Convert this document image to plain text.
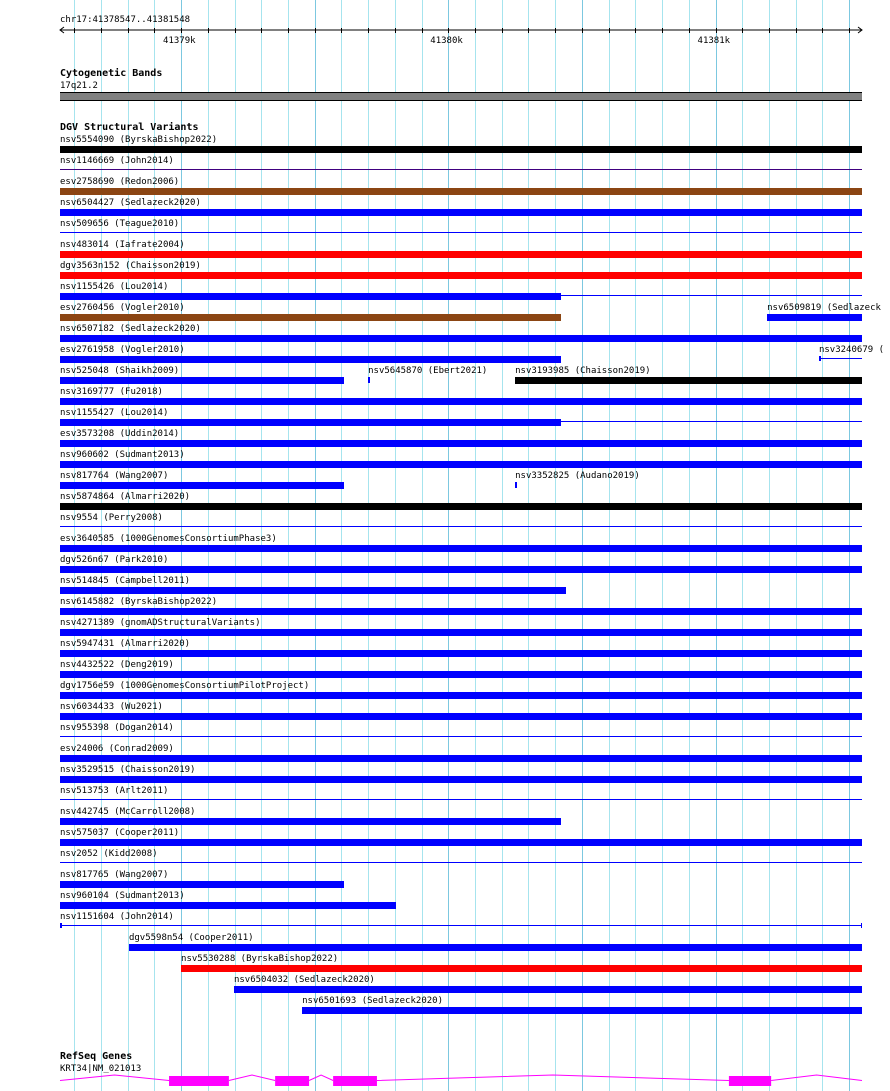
chr17:41378547..41381548
41379k	41380k	41381k
Cytogenetic Bands
17q21.2
DGV Structural Variants
nsv5554090 (ByrskaBishop2022)
nsv1146669 (John2014)
esv2758690 (Redon2006)
nsv6504427 (Sedlazeck2020)
nsv509656 (Teague2010)
nsv483014 (Iafrate2004)
dgv3563n152 (Chaisson2019)
nsv1155426 (Lou2014)
esv2760456 (Vogler2010)	nsv6509819 (Sedlazeck
nsv6507182 (Sedlazeck2020)
esv2761958 (Vogler2010)	nsv3240679 (
nsv525048 (Shaikh2009)	nsv5645870 (Ebert2021)	nsv3193985 (Chaisson2019)
nsv3169777 (Fu2018)
nsv1155427 (Lou2014)
esv3573208 (Uddin2014)
nsv960602 (Sudmant2013)
nsv817764 (Wang2007)	nsv3352825 (Audano2019)
nsv5874864 (Almarri2020)
nsv9554 (Perry2008)
esv3640585 (1000GenomesConsortiumPhase3)
dgv526n67 (Park2010)
nsv514845 (Campbell2011)
nsv6145882 (ByrskaBishop2022)
nsv4271389 (gnomADStructuralVariants)
nsv5947431 (Almarri2020)
nsv4432522 (Deng2019)
dgv1756e59 (1000GenomesConsortiumPilotProject)
nsv6034433 (Wu2021)
nsv955398 (Dogan2014)
esv24006 (Conrad2009)
nsv3529515 (Chaisson2019)
nsv513753 (Arlt2011)
nsv442745 (McCarroll2008)
nsv575037 (Cooper2011)
nsv2052 (Kidd2008)
nsv817765 (Wang2007)
nsv960104 (Sudmant2013)
nsv1151604 (John2014)
dgv5598n54 (Cooper2011)
nsv5530288 (ByrskaBishop2022)
nsv6504032 (Sedlazeck2020)
nsv6501693 (Sedlazeck2020)
RefSeq Genes
KRT34|NM_021013
